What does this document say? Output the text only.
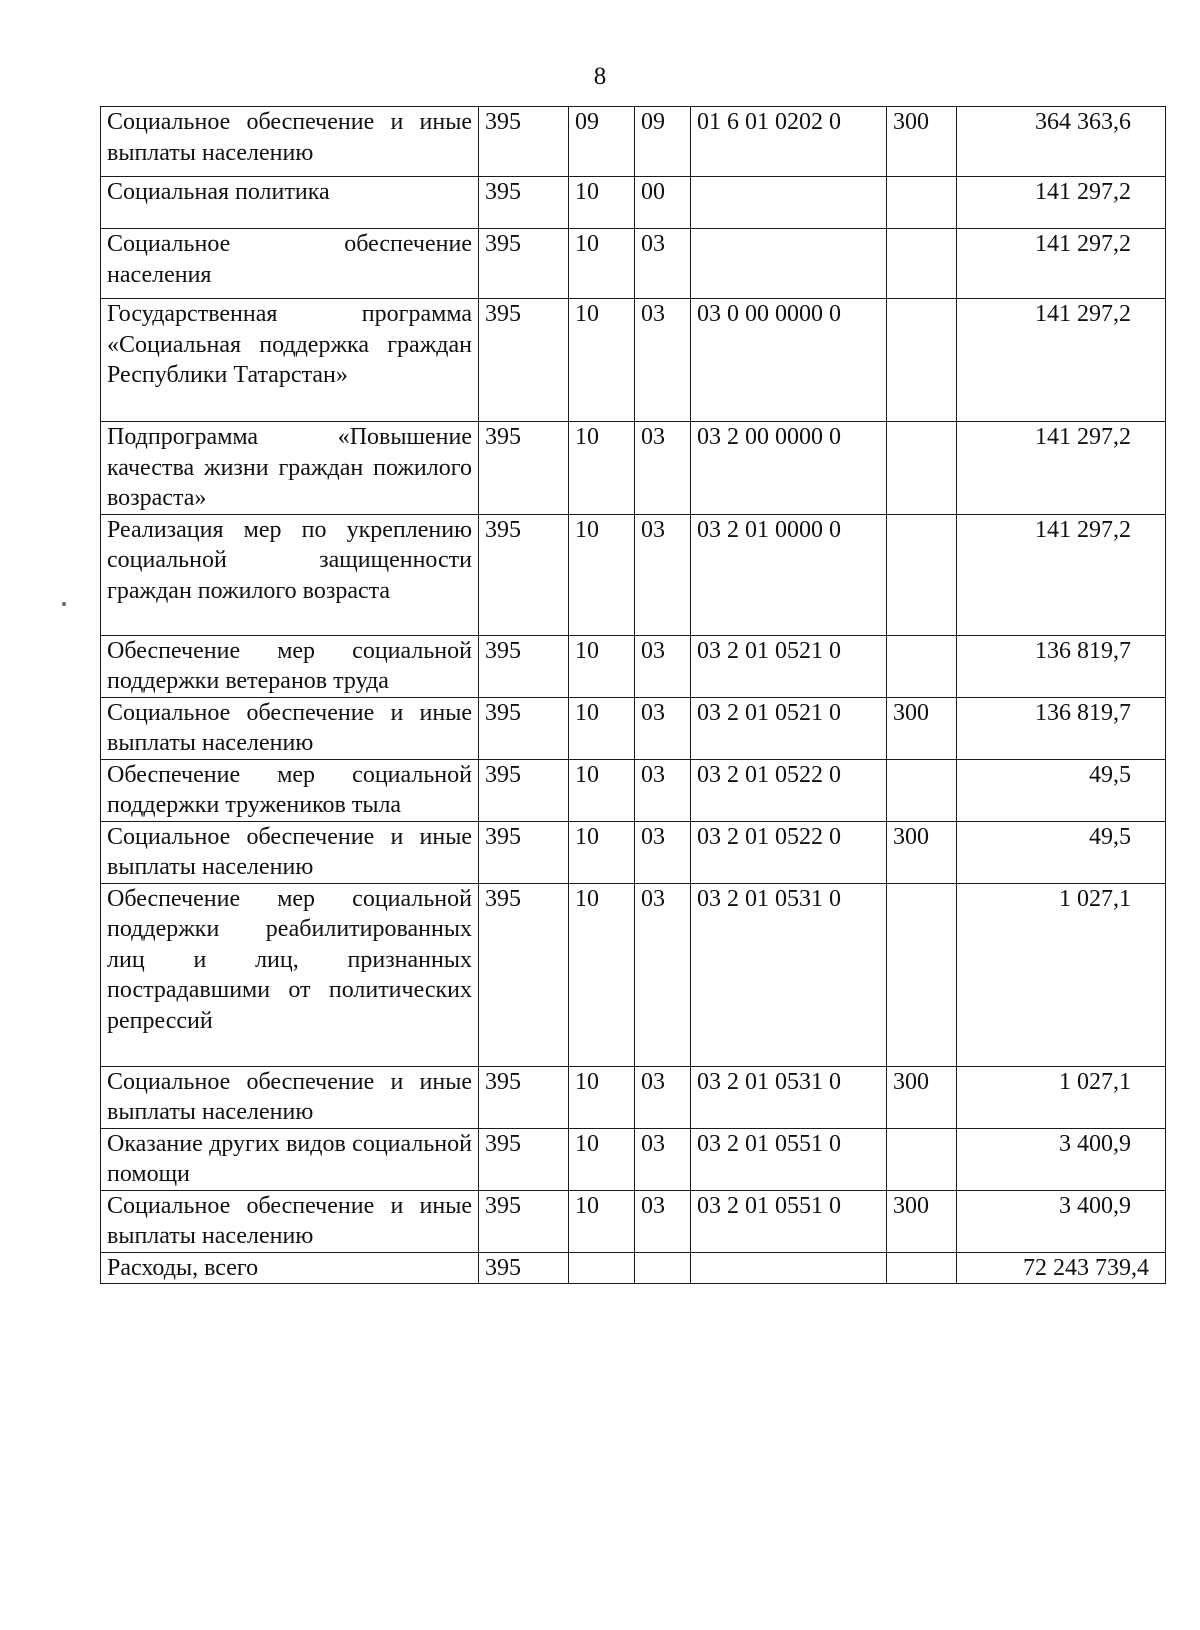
8
Социальное обеспечение и иные выплаты населению	395	09	09	01 6 01 0202 0	300	364 363,6
Социальная политика	395	10	00			141 297,2
Социальное обеспечение населения	395	10	03			141 297,2
Государственная программа «Социальная поддержка граждан Республики Татарстан»	395	10	03	03 0 00 0000 0		141 297,2
Подпрограмма «Повышение качества жизни граждан пожилого возраста»	395	10	03	03 2 00 0000 0		141 297,2
Реализация мер по укреплению социальной защищенности граждан пожилого возраста	395	10	03	03 2 01 0000 0		141 297,2
Обеспечение мер социальной поддержки ветеранов труда	395	10	03	03 2 01 0521 0		136 819,7
Социальное обеспечение и иные выплаты населению	395	10	03	03 2 01 0521 0	300	136 819,7
Обеспечение мер социальной поддержки тружеников тыла	395	10	03	03 2 01 0522 0		49,5
Социальное обеспечение и иные выплаты населению	395	10	03	03 2 01 0522 0	300	49,5
Обеспечение мер социальной поддержки реабилитированных лиц и лиц, признанных пострадавшими от политических репрессий	395	10	03	03 2 01 0531 0		1 027,1
Социальное обеспечение и иные выплаты населению	395	10	03	03 2 01 0531 0	300	1 027,1
Оказание других видов социальной помощи	395	10	03	03 2 01 0551 0		3 400,9
Социальное обеспечение и иные выплаты населению	395	10	03	03 2 01 0551 0	300	3 400,9
Расходы, всего	395					72 243 739,4
